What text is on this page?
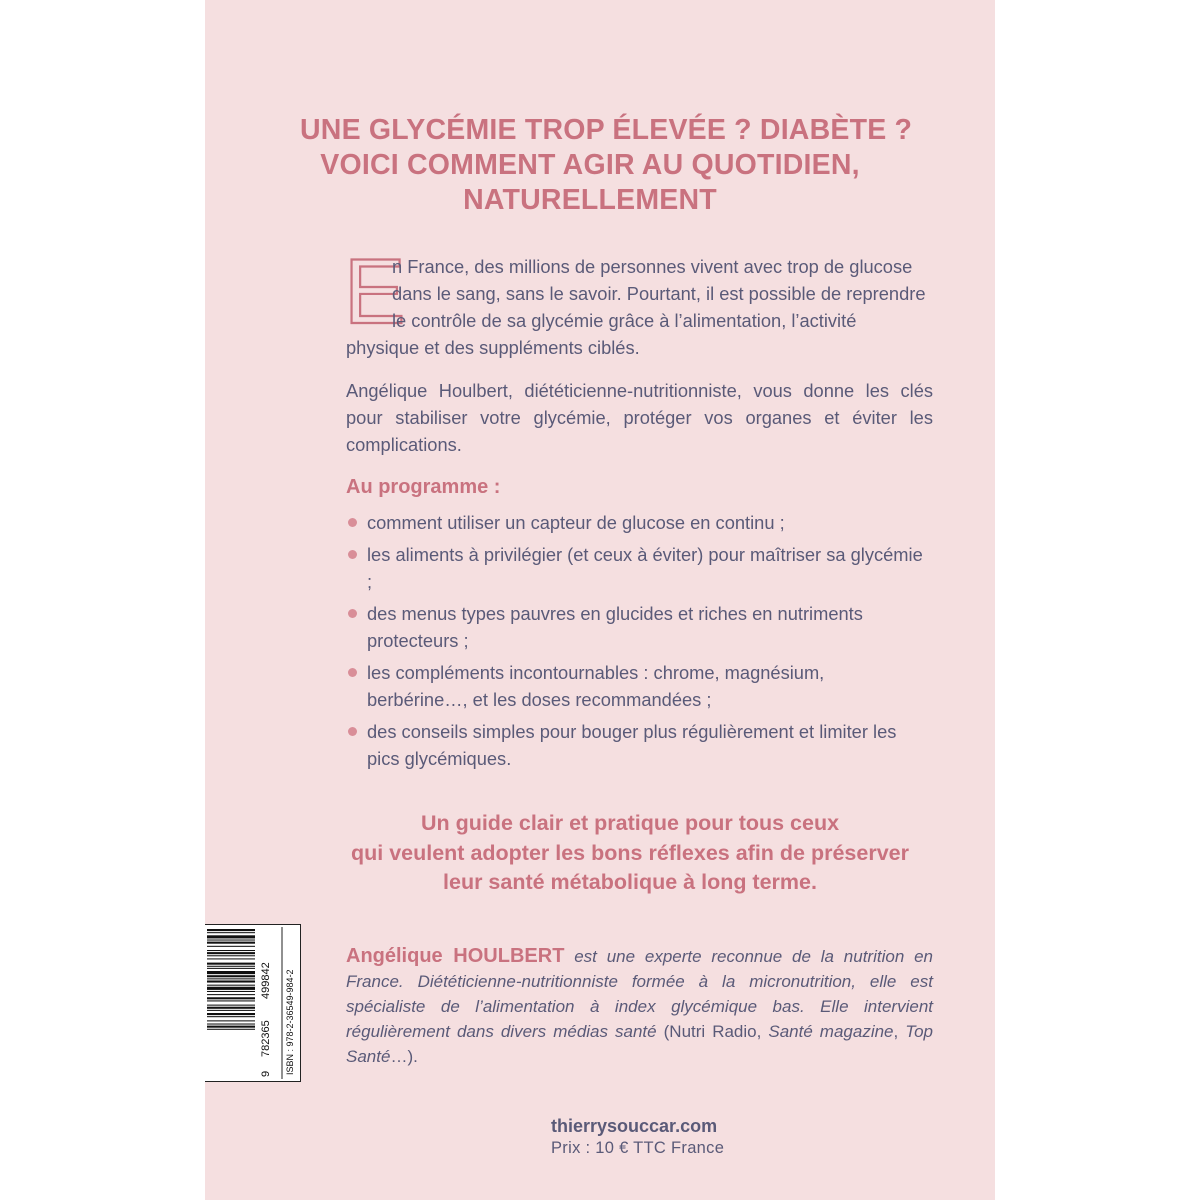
UNE GLYCÉMIE TROP ÉLEVÉE ? DIABÈTE ?
VOICI COMMENT AGIR AU QUOTIDIEN,
NATURELLEMENT
E
n France, des millions de personnes vivent avec trop de glucose
dans le sang, sans le savoir. Pourtant, il est possible de reprendre
le contrôle de sa glycémie grâce à l’alimentation, l’activité
physique et des suppléments ciblés.
Angélique Houlbert, diététicienne-nutritionniste, vous donne les clés pour stabiliser votre glycémie, protéger vos organes et éviter les complications.
Au programme :
comment utiliser un capteur de glucose en continu ;
les aliments à privilégier (et ceux à éviter) pour maîtriser sa glycémie ;
des menus types pauvres en glucides et riches en nutriments protecteurs ;
les compléments incontournables : chrome, magnésium, berbérine…, et les doses recommandées ;
des conseils simples pour bouger plus régulièrement et limiter les pics glycémiques.
Un guide clair et pratique pour tous ceux
qui veulent adopter les bons réflexes afin de préserver
leur santé métabolique à long terme.
Angélique HOULBERT est une experte reconnue de la nutrition en France. Diététicienne-nutritionniste formée à la micronutrition, elle est spécialiste de l’alimentation à index glycémique bas. Elle intervient régulièrement dans divers médias santé (Nutri Radio, Santé magazine, Top Santé…).
9
782365
499842 ISBN : 978-2-36549-984-2
thierrysouccar.com
Prix : 10 € TTC France
